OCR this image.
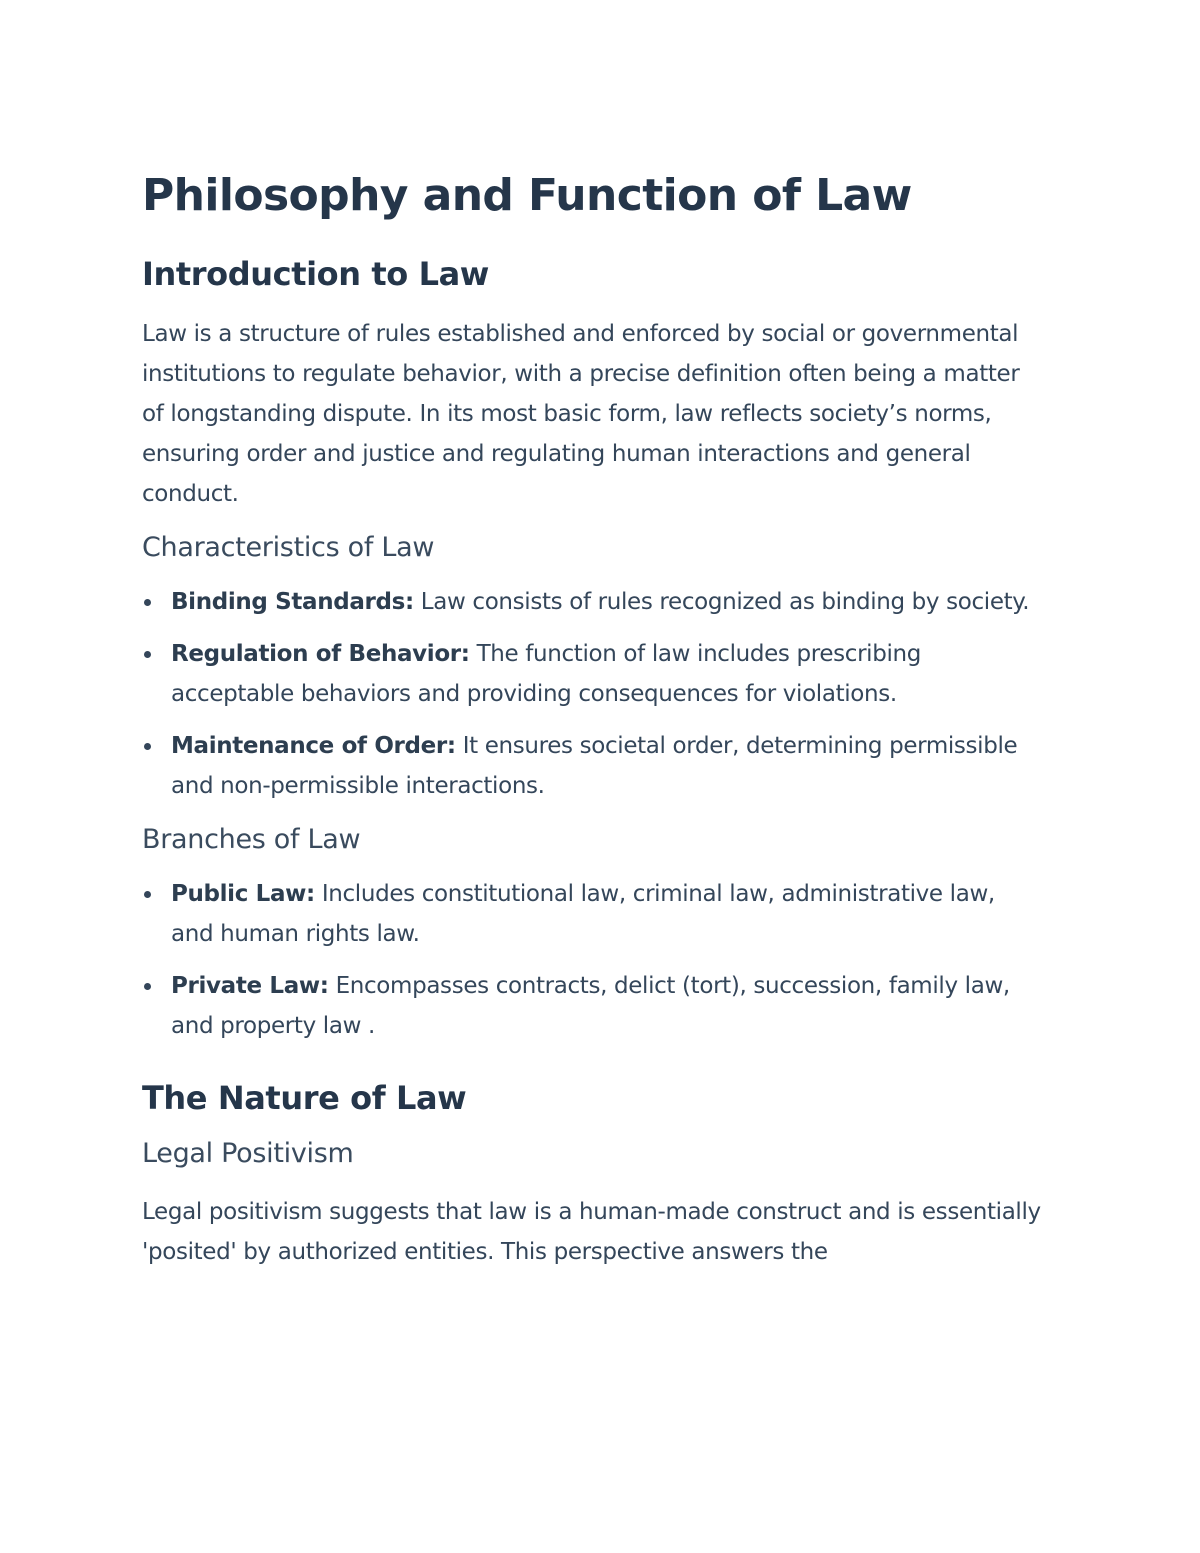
Philosophy and Function of Law
Introduction to Law

Law is a structure of rules established and enforced by social or governmental institutions to regulate behavior, with a precise definition often being a matter of longstanding dispute. In its most basic form, law reflects society’s norms, ensuring order and justice and regulating human interactions and general conduct.

Characteristics of Law
Binding Standards: Law consists of rules recognized as binding by society.
Regulation of Behavior: The function of law includes prescribing acceptable behaviors and providing consequences for violations.
Maintenance of Order: It ensures societal order, determining permissible and non-permissible interactions.
Branches of Law
Public Law: Includes constitutional law, criminal law, administrative law, and human rights law.
Private Law: Encompasses contracts, delict (tort), succession, family law, and property law .
The Nature of Law
Legal Positivism

Legal positivism suggests that law is a human-made construct and is essentially 'posited' by authorized entities. This perspective answers the
